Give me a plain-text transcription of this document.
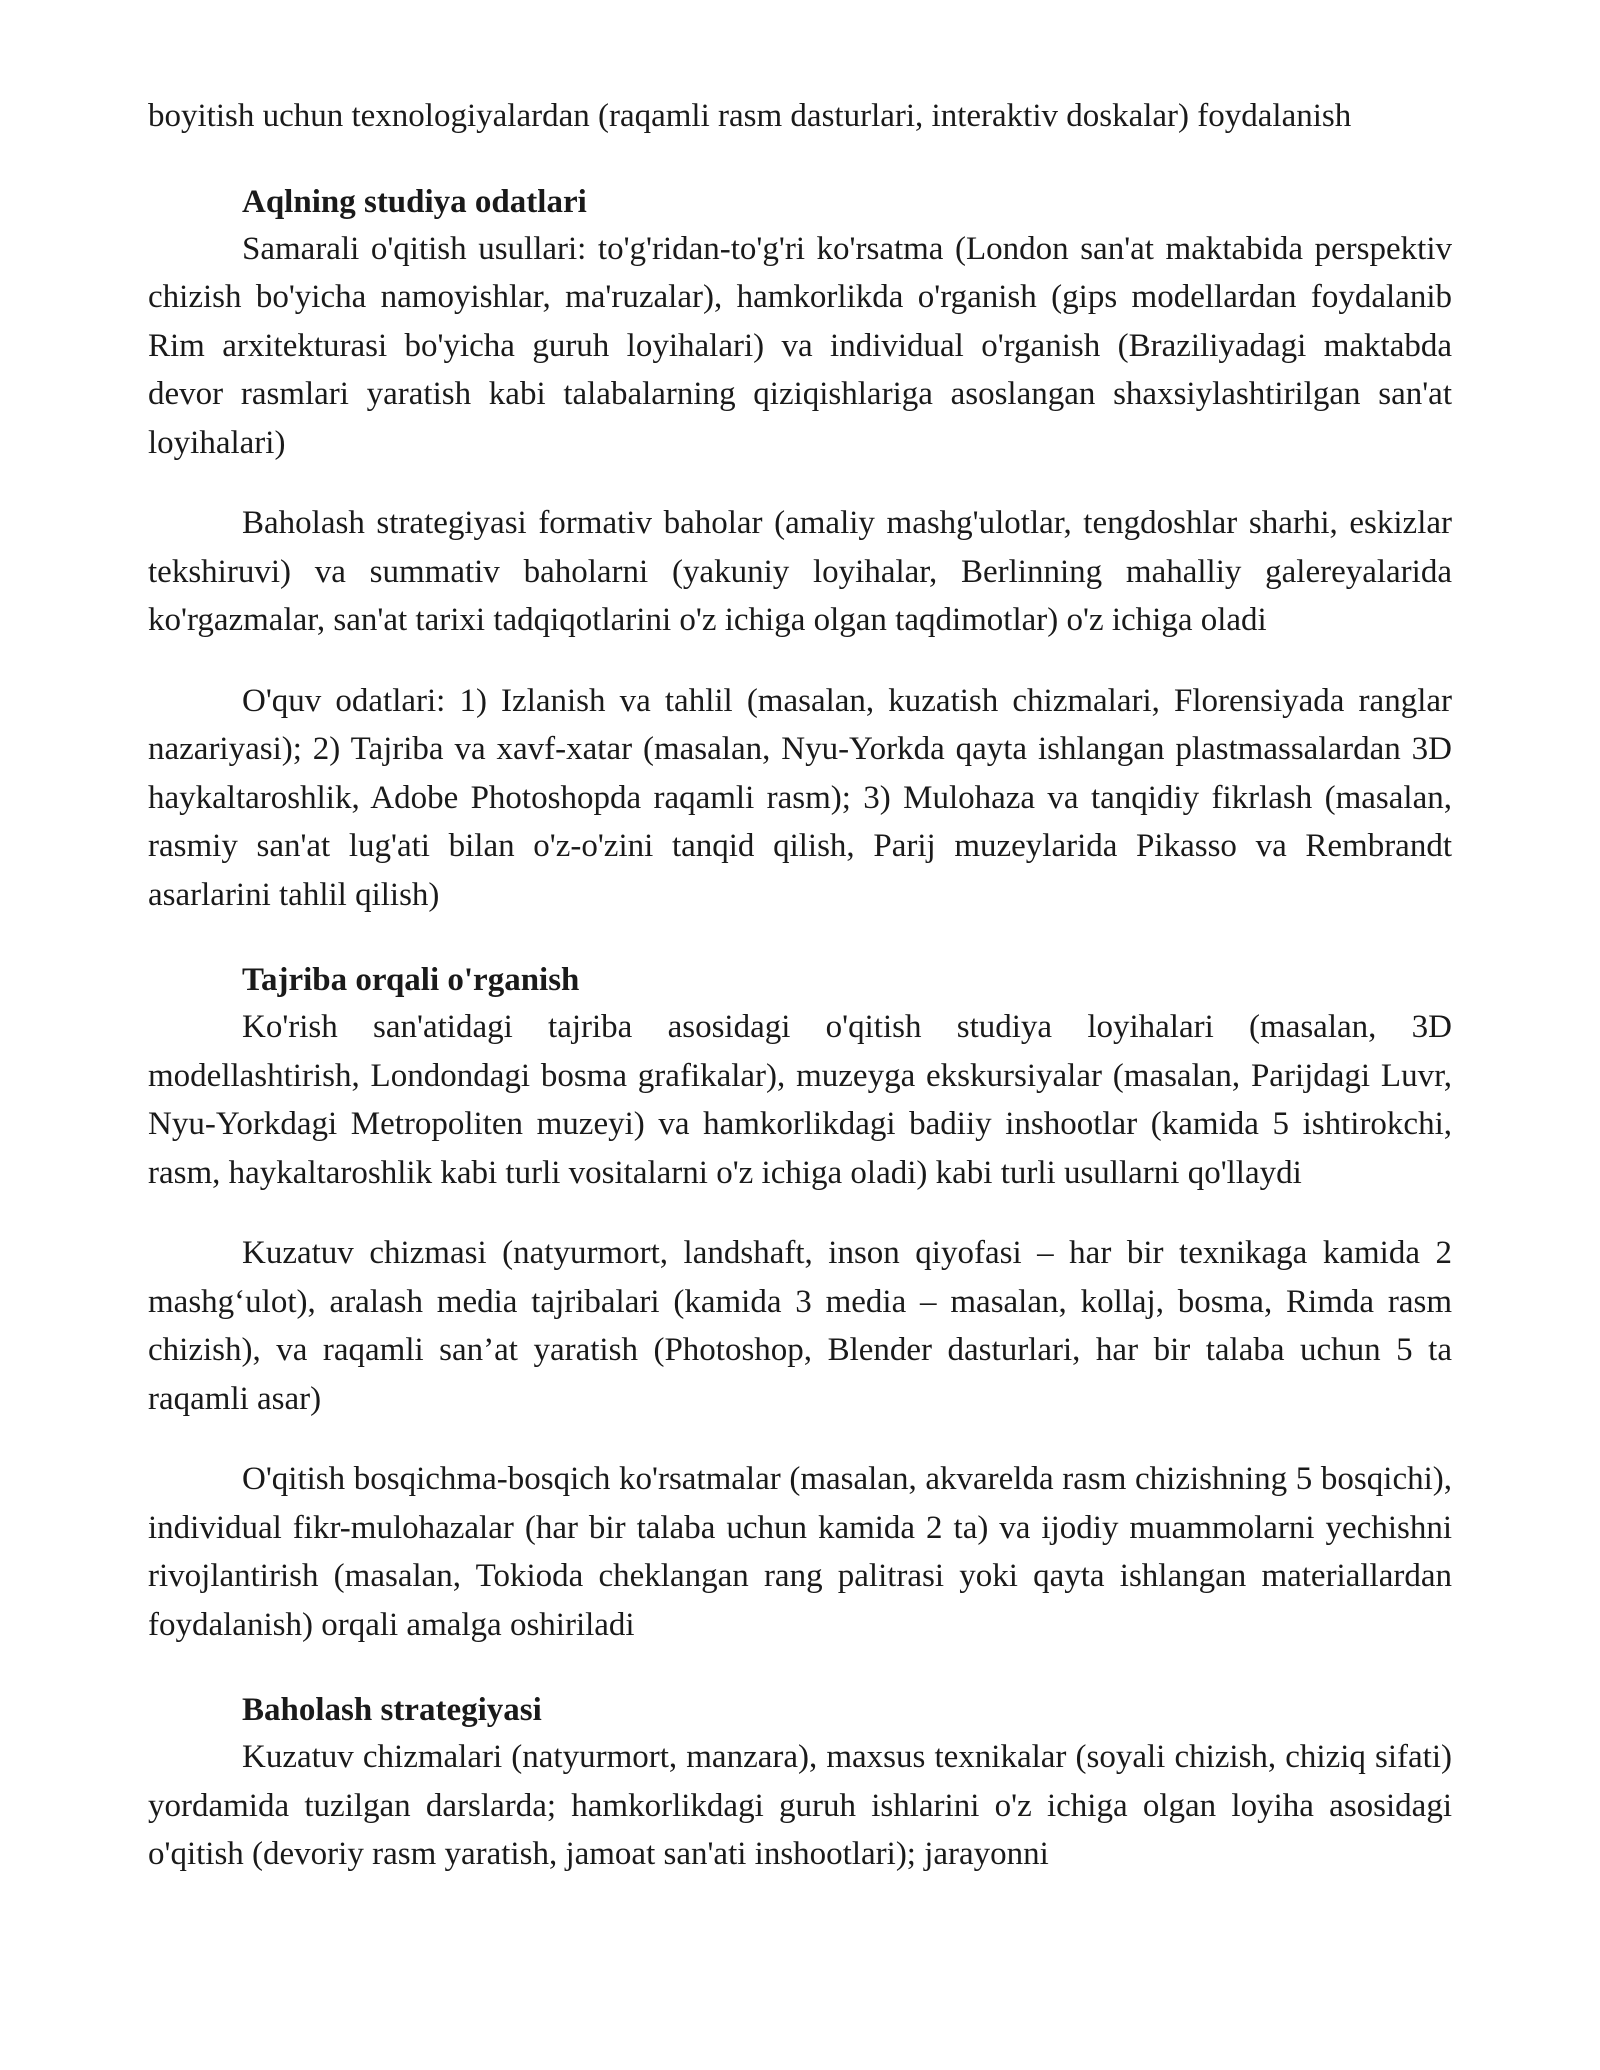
boyitish uchun texnologiyalardan (raqamli rasm dasturlari, interaktiv doskalar) foydalanish

Aqlning studiya odatlari

Samarali o'qitish usullari: to'g'ridan-to'g'ri ko'rsatma (London san'at maktabida perspektiv chizish bo'yicha namoyishlar, ma'ruzalar), hamkorlikda o'rganish (gips modellardan foydalanib Rim arxitekturasi bo'yicha guruh loyihalari) va individual o'rganish (Braziliyadagi maktabda devor rasmlari yaratish kabi talabalarning qiziqishlariga asoslangan shaxsiylashtirilgan san'at loyihalari)

Baholash strategiyasi formativ baholar (amaliy mashg'ulotlar, tengdoshlar sharhi, eskizlar tekshiruvi) va summativ baholarni (yakuniy loyihalar, Berlinning mahalliy galereyalarida ko'rgazmalar, san'at tarixi tadqiqotlarini o'z ichiga olgan taqdimotlar) o'z ichiga oladi

O'quv odatlari: 1) Izlanish va tahlil (masalan, kuzatish chizmalari, Florensiyada ranglar nazariyasi); 2) Tajriba va xavf-xatar (masalan, Nyu-Yorkda qayta ishlangan plastmassalardan 3D haykaltaroshlik, Adobe Photoshopda raqamli rasm); 3) Mulohaza va tanqidiy fikrlash (masalan, rasmiy san'at lug'ati bilan o'z-o'zini tanqid qilish, Parij muzeylarida Pikasso va Rembrandt asarlarini tahlil qilish)

Tajriba orqali o'rganish

Ko'rish san'atidagi tajriba asosidagi o'qitish studiya loyihalari (masalan, 3D modellashtirish, Londondagi bosma grafikalar), muzeyga ekskursiyalar (masalan, Parijdagi Luvr, Nyu-Yorkdagi Metropoliten muzeyi) va hamkorlikdagi badiiy inshootlar (kamida 5 ishtirokchi, rasm, haykaltaroshlik kabi turli vositalarni o'z ichiga oladi) kabi turli usullarni qo'llaydi

Kuzatuv chizmasi (natyurmort, landshaft, inson qiyofasi – har bir texnikaga kamida 2 mashg‘ulot), aralash media tajribalari (kamida 3 media – masalan, kollaj, bosma, Rimda rasm chizish), va raqamli san’at yaratish (Photoshop, Blender dasturlari, har bir talaba uchun 5 ta raqamli asar)

O'qitish bosqichma-bosqich ko'rsatmalar (masalan, akvarelda rasm chizishning 5 bosqichi), individual fikr-mulohazalar (har bir talaba uchun kamida 2 ta) va ijodiy muammolarni yechishni rivojlantirish (masalan, Tokioda cheklangan rang palitrasi yoki qayta ishlangan materiallardan foydalanish) orqali amalga oshiriladi

Baholash strategiyasi

Kuzatuv chizmalari (natyurmort, manzara), maxsus texnikalar (soyali chizish, chiziq sifati) yordamida tuzilgan darslarda; hamkorlikdagi guruh ishlarini o'z ichiga olgan loyiha asosidagi o'qitish (devoriy rasm yaratish, jamoat san'ati inshootlari); jarayonni
